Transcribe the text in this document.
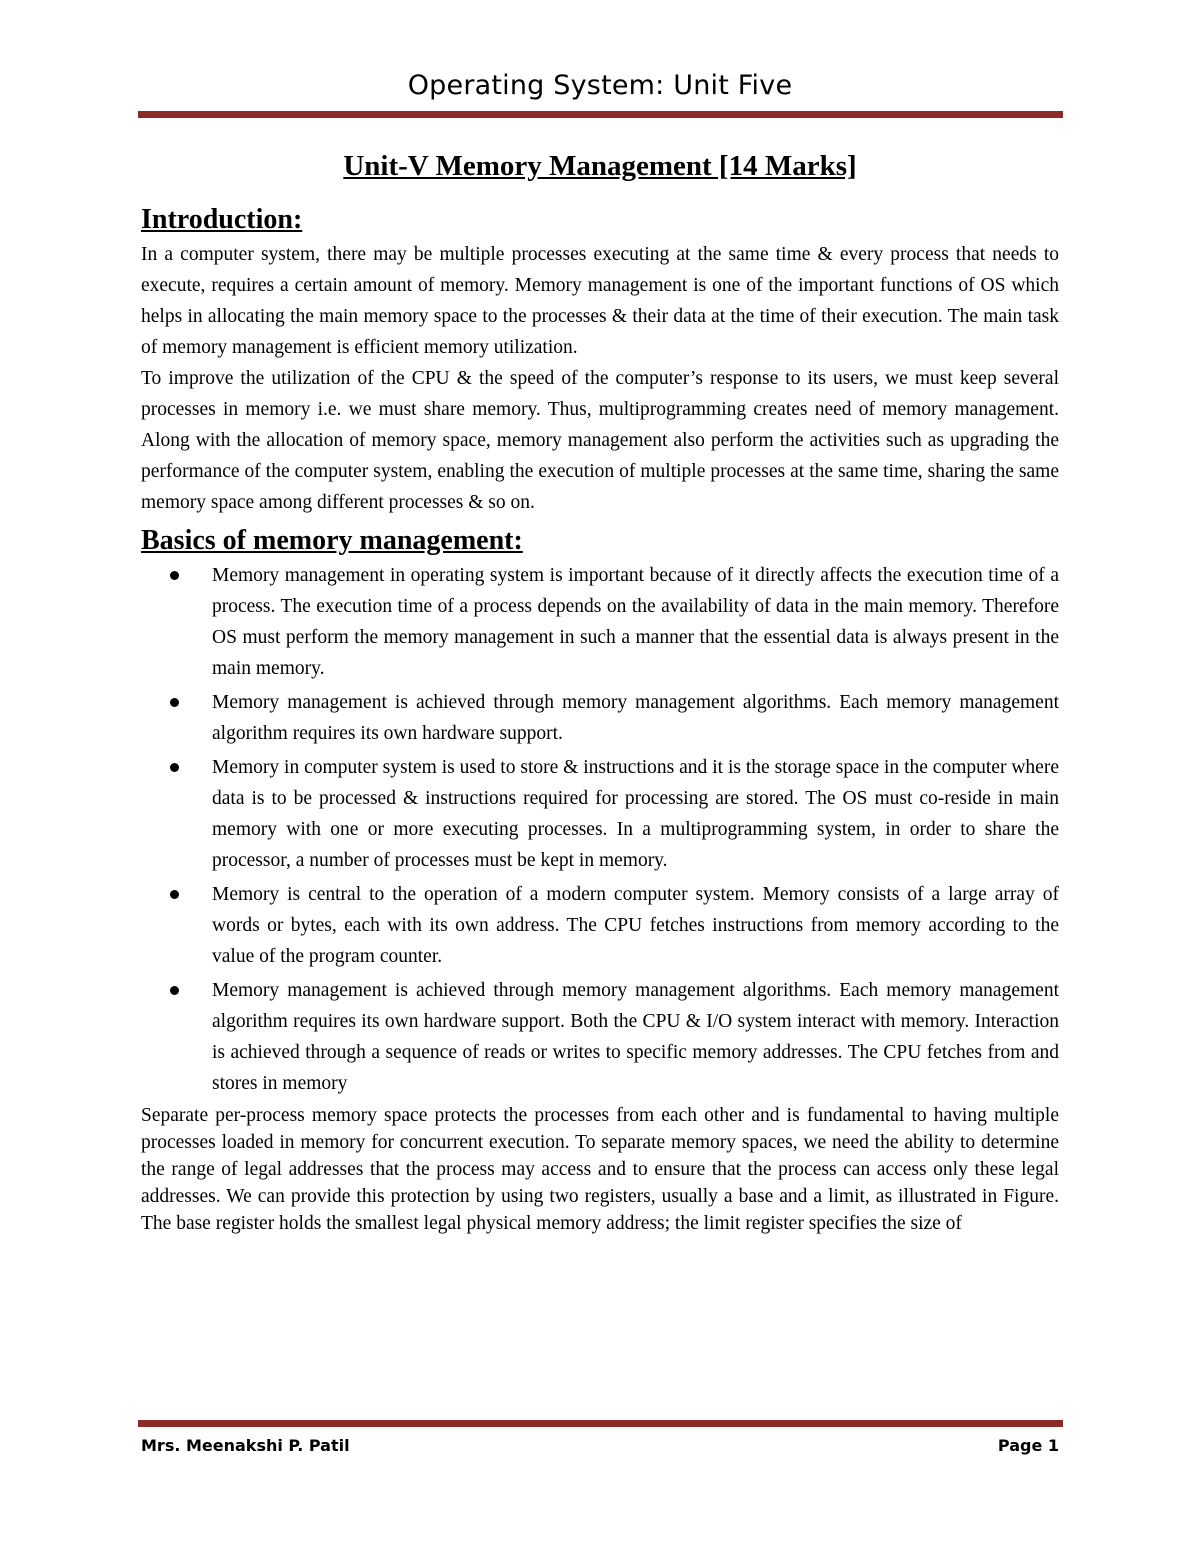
Operating System: Unit Five
Unit-V Memory Management [14 Marks]
Introduction:

In a computer system, there may be multiple processes executing at the same time & every process that needs to execute, requires a certain amount of memory. Memory management is one of the important functions of OS which helps in allocating the main memory space to the processes & their data at the time of their execution. The main task of memory management is efficient memory utilization.

To improve the utilization of the CPU & the speed of the computer’s response to its users, we must keep several processes in memory i.e. we must share memory. Thus, multiprogramming creates need of memory management. Along with the allocation of memory space, memory management also perform the activities such as upgrading the performance of the computer system, enabling the execution of multiple processes at the same time, sharing the same memory space among different processes & so on.

Basics of memory management:
Memory management in operating system is important because of it directly affects the execution time of a process. The execution time of a process depends on the availability of data in the main memory. Therefore OS must perform the memory management in such a manner that the essential data is always present in the main memory.
Memory management is achieved through memory management algorithms. Each memory management algorithm requires its own hardware support.
Memory in computer system is used to store & instructions and it is the storage space in the computer where data is to be processed & instructions required for processing are stored. The OS must co-reside in main memory with one or more executing processes. In a multiprogramming system, in order to share the processor, a number of processes must be kept in memory.
Memory is central to the operation of a modern computer system. Memory consists of a large array of words or bytes, each with its own address. The CPU fetches instructions from memory according to the value of the program counter.
Memory management is achieved through memory management algorithms. Each memory management algorithm requires its own hardware support. Both the CPU & I/O system interact with memory. Interaction is achieved through a sequence of reads or writes to specific memory addresses. The CPU fetches from and stores in memory

Separate per-process memory space protects the processes from each other and is fundamental to having multiple processes loaded in memory for concurrent execution. To separate memory spaces, we need the ability to determine the range of legal addresses that the process may access and to ensure that the process can access only these legal addresses. We can provide this protection by using two registers, usually a base and a limit, as illustrated in Figure. The base register holds the smallest legal physical memory address; the limit register specifies the size of

Mrs. Meenakshi P. Patil	Page 1
